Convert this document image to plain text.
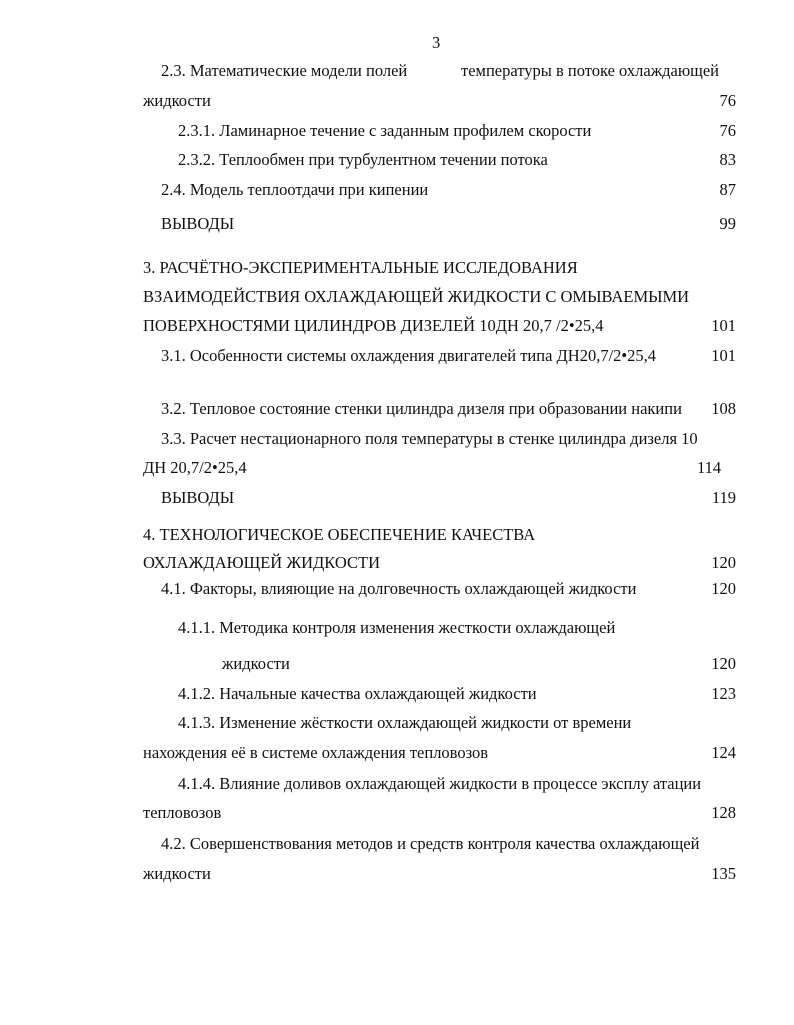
3
2.3. Математические модели полей	температуры в потоке охлаждающей
жидкости	76
2.3.1. Ламинарное течение с заданным профилем скорости	76
2.3.2. Теплообмен при турбулентном течении потока	83
2.4. Модель теплоотдачи при кипении	87
ВЫВОДЫ	99
3. РАСЧЁТНО-ЭКСПЕРИМЕНТАЛЬНЫЕ ИССЛЕДОВАНИЯ
ВЗАИМОДЕЙСТВИЯ ОХЛАЖДАЮЩЕЙ ЖИДКОСТИ С ОМЫВАЕМЫМИ
ПОВЕРХНОСТЯМИ ЦИЛИНДРОВ ДИЗЕЛЕЙ 10ДН 20,7 /2•25,4	101
3.1. Особенности системы охлаждения двигателей типа ДН20,7/2•25,4	101
3.2. Тепловое состояние стенки цилиндра дизеля при образовании накипи 108
3.3. Расчет нестационарного поля температуры в стенке цилиндра дизеля 10
ДН 20,7/2•25,4	114
ВЫВОДЫ	119
4. ТЕХНОЛОГИЧЕСКОЕ ОБЕСПЕЧЕНИЕ КАЧЕСТВА
ОХЛАЖДАЮЩЕЙ ЖИДКОСТИ	120
4.1. Факторы, влияющие на долговечность охлаждающей жидкости	120
4.1.1. Методика контроля изменения жесткости охлаждающей
жидкости	120
4.1.2. Начальные качества охлаждающей жидкости	123
4.1.3. Изменение жёсткости охлаждающей жидкости от времени
нахождения её в системе охлаждения тепловозов	124
4.1.4. Влияние доливов охлаждающей жидкости в процессе эксплу атации
тепловозов	128
4.2. Совершенствования методов и средств контроля качества охлаждающей
жидкости	135
